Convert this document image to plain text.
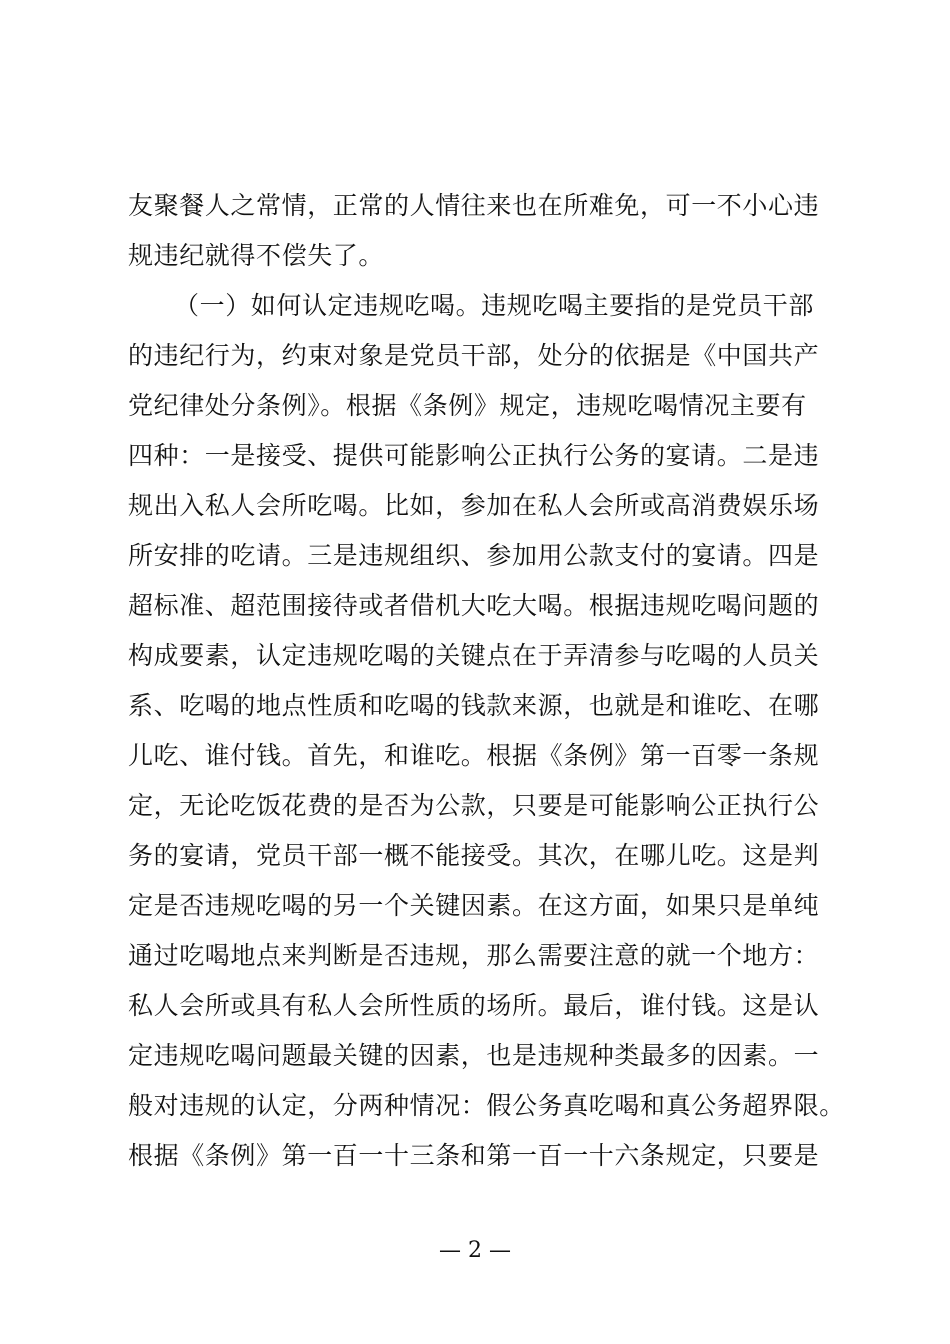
友聚餐人之常情，正常的人情往来也在所难免，可一不小心违
规违纪就得不偿失了。
（一）如何认定违规吃喝。违规吃喝主要指的是党员干部
的违纪行为，约束对象是党员干部，处分的依据是《中国共产
党纪律处分条例》。根据《条例》规定，违规吃喝情况主要有
四种：一是接受、提供可能影响公正执行公务的宴请。二是违
规出入私人会所吃喝。比如，参加在私人会所或高消费娱乐场
所安排的吃请。三是违规组织、参加用公款支付的宴请。四是
超标准、超范围接待或者借机大吃大喝。根据违规吃喝问题的
构成要素，认定违规吃喝的关键点在于弄清参与吃喝的人员关
系、吃喝的地点性质和吃喝的钱款来源，也就是和谁吃、在哪
儿吃、谁付钱。首先，和谁吃。根据《条例》第一百零一条规
定，无论吃饭花费的是否为公款，只要是可能影响公正执行公
务的宴请，党员干部一概不能接受。其次，在哪儿吃。这是判
定是否违规吃喝的另一个关键因素。在这方面，如果只是单纯
通过吃喝地点来判断是否违规，那么需要注意的就一个地方：
私人会所或具有私人会所性质的场所。最后，谁付钱。这是认
定违规吃喝问题最关键的因素，也是违规种类最多的因素。一
般对违规的认定，分两种情况：假公务真吃喝和真公务超界限。
根据《条例》第一百一十三条和第一百一十六条规定，只要是
— 2 —
